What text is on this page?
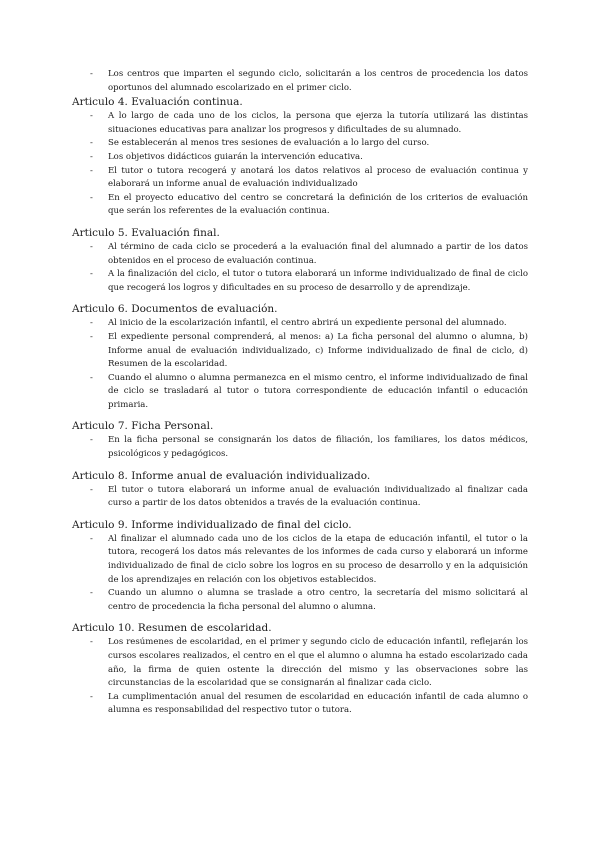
- Los centros que imparten el segundo ciclo, solicitarán a los centros de procedencia los datos oportunos del alumnado escolarizado en el primer ciclo.

Articulo 4. Evaluación continua.

- A lo largo de cada uno de los ciclos, la persona que ejerza la tutoría utilizará las distintas situaciones educativas para analizar los progresos y dificultades de su alumnado.
- Se establecerán al menos tres sesiones de evaluación a lo largo del curso.
- Los objetivos didácticos guiarán la intervención educativa.
- El tutor o tutora recogerá y anotará los datos relativos al proceso de evaluación continua y elaborará un informe anual de evaluación individualizado
- En el proyecto educativo del centro se concretará la definición de los criterios de evaluación que serán los referentes de la evaluación continua.

Articulo 5. Evaluación final.

- Al término de cada ciclo se procederá a la evaluación final del alumnado a partir de los datos obtenidos en el proceso de evaluación continua.
- A la finalización del ciclo, el tutor o tutora elaborará un informe individualizado de final de ciclo que recogerá los logros y dificultades en su proceso de desarrollo y de aprendizaje.

Articulo 6. Documentos de evaluación.

- Al inicio de la escolarización infantil, el centro abrirá un expediente personal del alumnado.
- El expediente personal comprenderá, al menos: a) La ficha personal del alumno o alumna, b) Informe anual de evaluación individualizado, c) Informe individualizado de final de ciclo, d) Resumen de la escolaridad.
- Cuando el alumno o alumna permanezca en el mismo centro, el informe individualizado de final de ciclo se trasladará al tutor o tutora correspondiente de educación infantil o educación primaria.

Articulo 7. Ficha Personal.

- En la ficha personal se consignarán los datos de filiación, los familiares, los datos médicos, psicológicos y pedagógicos.

Articulo 8. Informe anual de evaluación individualizado.

- El tutor o tutora elaborará un informe anual de evaluación individualizado al finalizar cada curso a partir de los datos obtenidos a través de la evaluación continua.

Articulo 9. Informe individualizado de final del ciclo.

- Al finalizar el alumnado cada uno de los ciclos de la etapa de educación infantil, el tutor o la tutora, recogerá los datos más relevantes de los informes de cada curso y elaborará un informe individualizado de final de ciclo sobre los logros en su proceso de desarrollo y en la adquisición de los aprendizajes en relación con los objetivos establecidos.
- Cuando un alumno o alumna se traslade a otro centro, la secretaría del mismo solicitará al centro de procedencia la ficha personal del alumno o alumna.

Articulo 10. Resumen de escolaridad.

- Los resúmenes de escolaridad, en el primer y segundo ciclo de educación infantil, reflejarán los cursos escolares realizados, el centro en el que el alumno o alumna ha estado escolarizado cada año, la firma de quien ostente la dirección del mismo y las observaciones sobre las circunstancias de la escolaridad que se consignarán al finalizar cada ciclo.
- La cumplimentación anual del resumen de escolaridad en educación infantil de cada alumno o alumna es responsabilidad del respectivo tutor o tutora.
